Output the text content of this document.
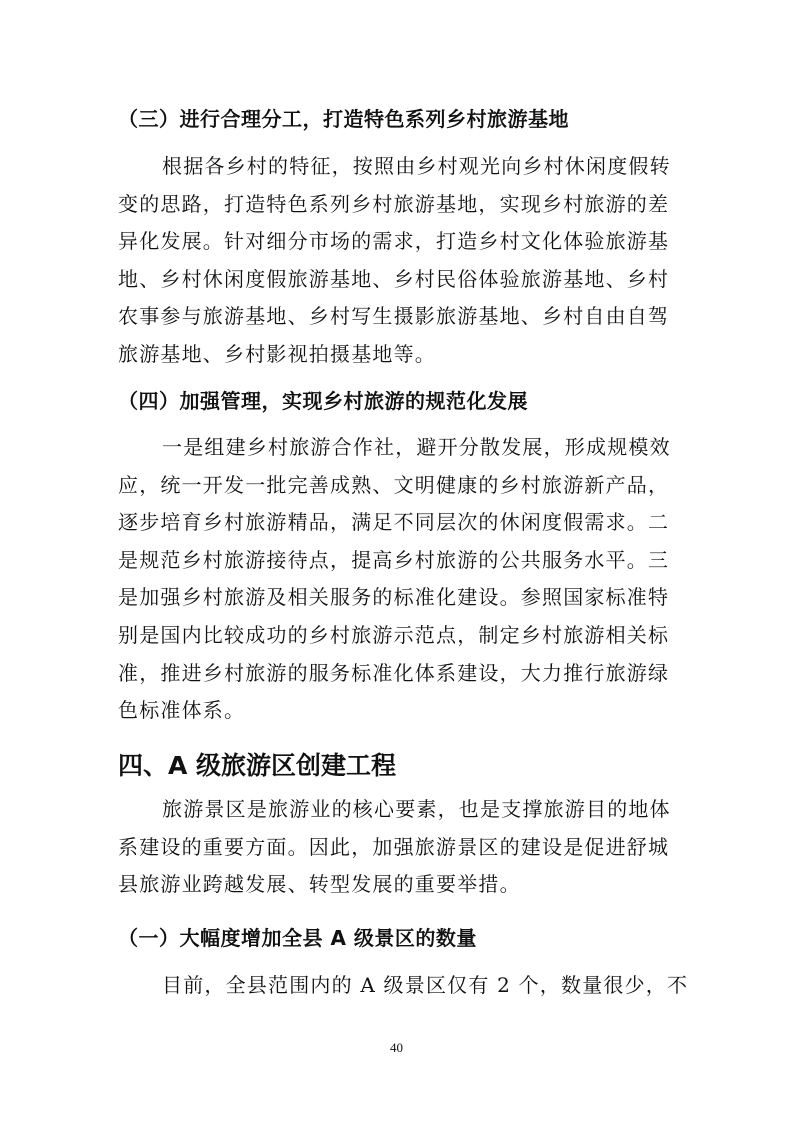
（三）进行合理分工，打造特色系列乡村旅游基地
根据各乡村的特征，按照由乡村观光向乡村休闲度假转
变的思路，打造特色系列乡村旅游基地，实现乡村旅游的差
异化发展。针对细分市场的需求，打造乡村文化体验旅游基
地、乡村休闲度假旅游基地、乡村民俗体验旅游基地、乡村
农事参与旅游基地、乡村写生摄影旅游基地、乡村自由自驾
旅游基地、乡村影视拍摄基地等。
（四）加强管理，实现乡村旅游的规范化发展
一是组建乡村旅游合作社，避开分散发展，形成规模效
应，统一开发一批完善成熟、文明健康的乡村旅游新产品，
逐步培育乡村旅游精品，满足不同层次的休闲度假需求。二
是规范乡村旅游接待点，提高乡村旅游的公共服务水平。三
是加强乡村旅游及相关服务的标准化建设。参照国家标准特
别是国内比较成功的乡村旅游示范点，制定乡村旅游相关标
准，推进乡村旅游的服务标准化体系建设，大力推行旅游绿
色标准体系。
四、A 级旅游区创建工程
旅游景区是旅游业的核心要素，也是支撑旅游目的地体
系建设的重要方面。因此，加强旅游景区的建设是促进舒城
县旅游业跨越发展、转型发展的重要举措。
（一）大幅度增加全县 A 级景区的数量
目前，全县范围内的 A 级景区仅有 2 个，数量很少，不
40
